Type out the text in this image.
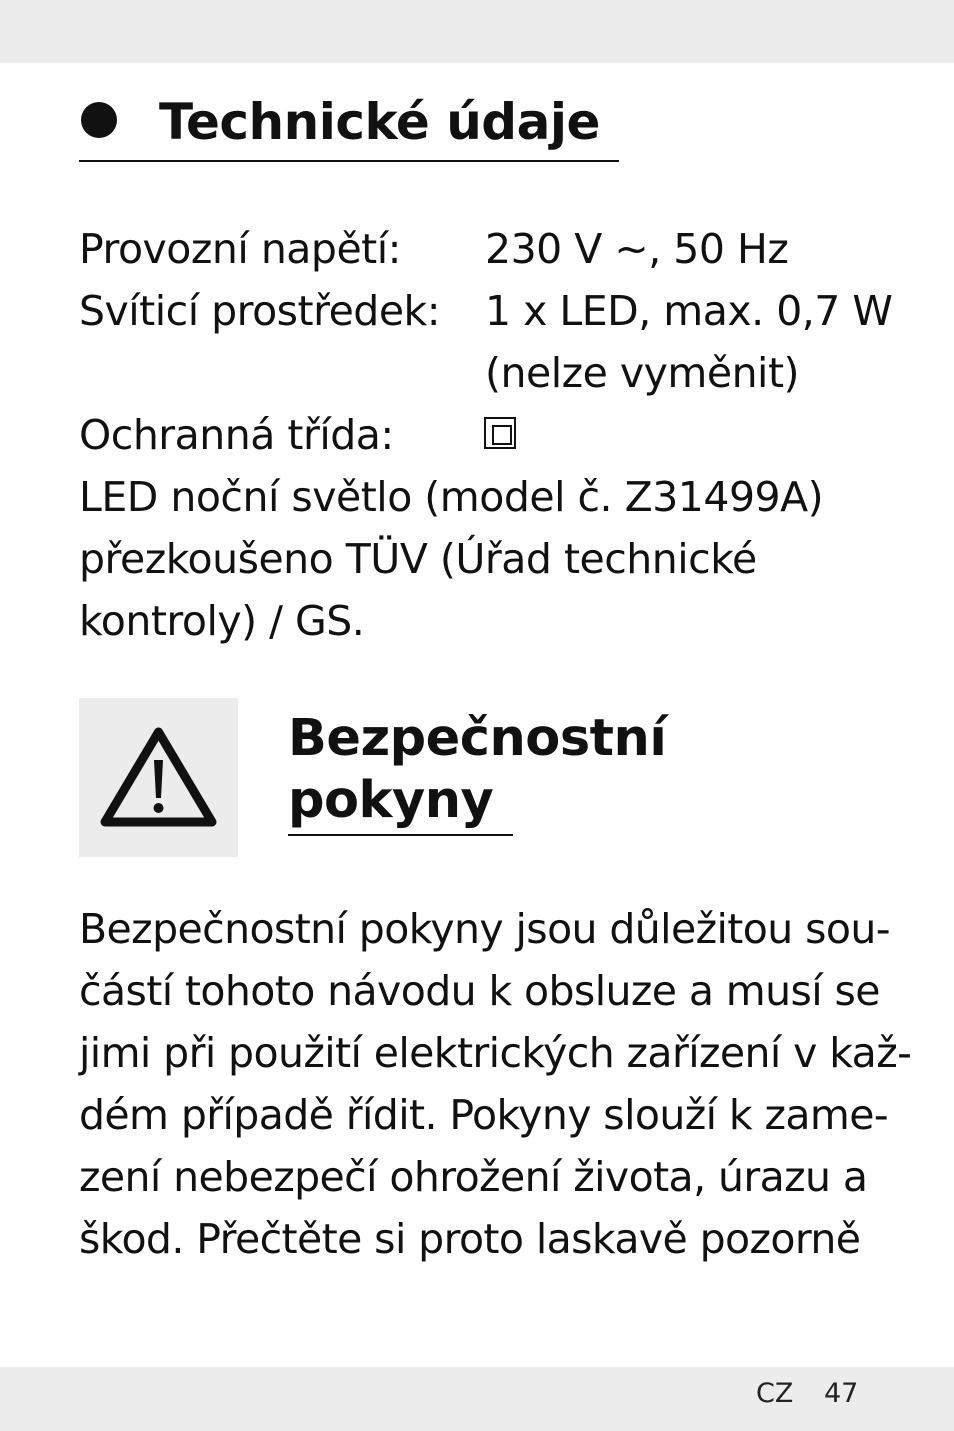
Technické údaje
Provozní napětí: 230 V ~, 50 Hz
Svíticí prostředek: 1 x LED, max. 0,7 W
(nelze vyměnit)
Ochranná třída:
LED noční světlo (model č. Z31499A)
přezkoušeno TÜV (Úřad technické
kontroly) / GS.
Bezpečnostní
pokyny
Bezpečnostní pokyny jsou důležitou sou-
částí tohoto návodu k obsluze a musí se
jimi při použití elektrických zařízení v kaž-
dém případě řídit. Pokyny slouží k zame-
zení nebezpečí ohrožení života, úrazu a
škod. Přečtěte si proto laskavě pozorně
CZ 47
